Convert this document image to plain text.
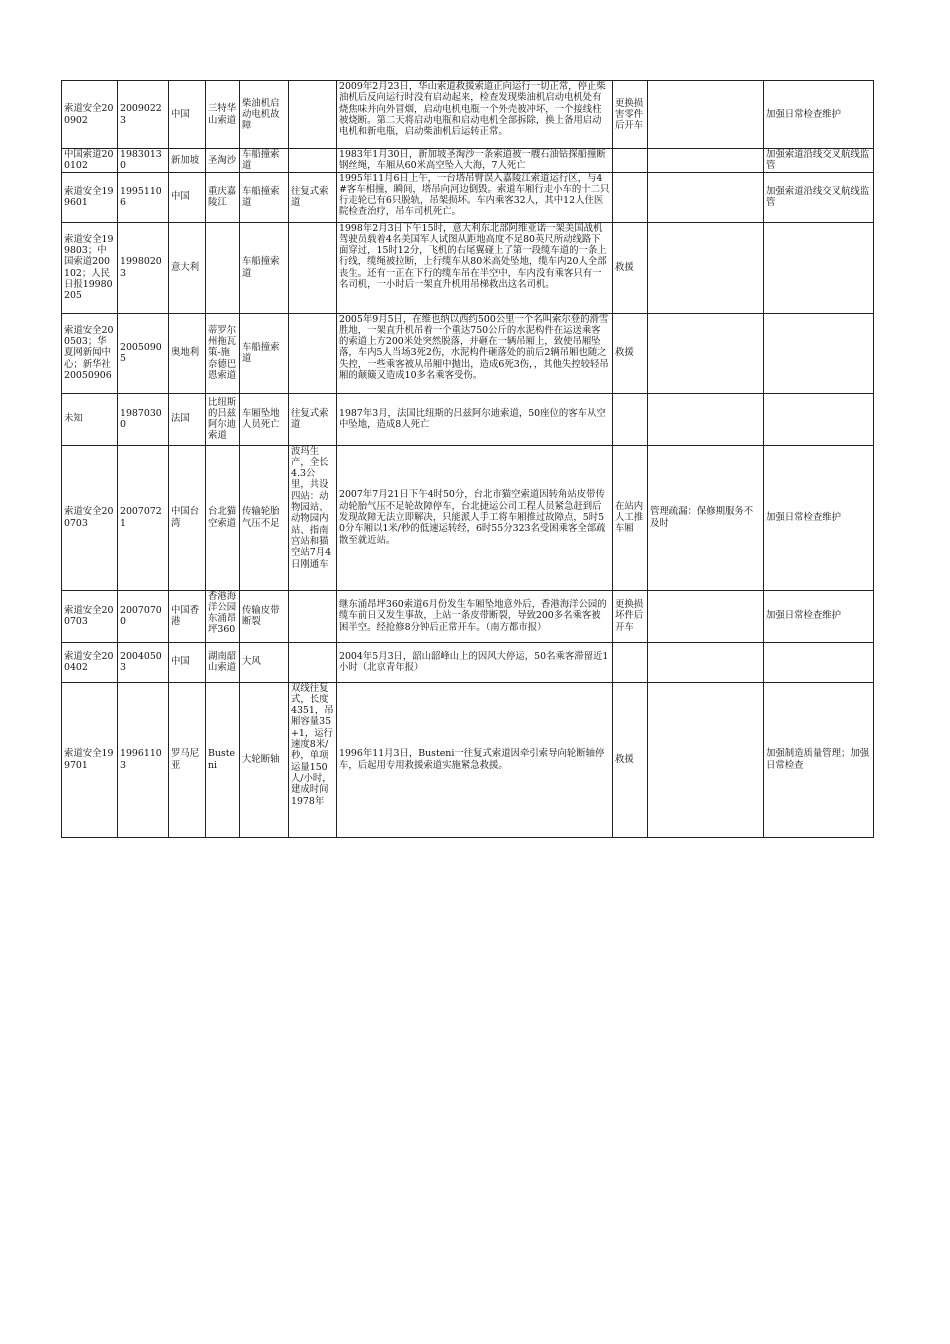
索道安全200902	20090223	中国	三特华山索道	柴油机启动电机故障		2009年2月23日，华山索道救援索道正向运行一切正常，停止柴油机后反向运行时没有启动起来，检查发现柴油机启动电机处有烧焦味并向外冒烟，启动电机电瓶一个外壳被冲坏，一个接线柱被烧断。第二天将启动电瓶和启动电机全部拆除，换上备用启动电机和新电瓶，启动柴油机后运转正常。	更换损害零件后开车		加强日常检查维护

中国索道200102	19830130	新加坡	圣淘沙	车船撞索道		1983年1月30日，新加坡圣淘沙一条索道被一艘石油钻探船撞断钢丝绳，车厢从60米高空坠入大海，7人死亡			加强索道沿线交叉航线监管

索道安全199601	19951106	中国	重庆嘉陵江	车船撞索道	往复式索道	1995年11月6日上午，一台塔吊臂误入嘉陵江索道运行区，与4#客车相撞，瞬间，塔吊向河边倒毁。索道车厢行走小车的十二只行走轮已有6只脱轨，吊架损坏。车内乘客32人，其中12人住医院检查治疗，吊车司机死亡。			加强索道沿线交叉航线监管
索道安全199803；中国索道200102；人民日报19980205	19980203	意大利		车船撞索道		1998年2月3日下午15时，意大利东北部阿维亚诺一架美国战机驾驶员载着4名美国军人试图从距地高度不足80英尺所动线路下面穿过，15时12分，飞机的右尾翼碰上了第一段缆车道的一条上行线，缆绳被拉断，上行缆车从80米高处坠地，缆车内20人全部丧生。还有一正在下行的缆车吊在半空中，车内没有乘客只有一名司机，一小时后一架直升机用吊梯救出这名司机。	救援		
索道安全200503；华夏网新闻中心；新华社20050906	20050905	奥地利	蒂罗尔州拖瓦策-施奈德巴恩索道	车船撞索道		2005年9月5日，在维也纳以西约500公里一个名叫索尔登的滑雪胜地，一架直升机吊着一个重达750公斤的水泥构件在运送乘客的索道上方200米处突然脱落，并砸在一辆吊厢上，致使吊厢坠落，车内5人当场3死2伤，水泥构件砸落处的前后2辆吊厢也随之失控，一些乘客被从吊厢中抛出，造成6死3伤，，其他失控较轻吊厢的颠簸又造成10多名乘客受伤。	救援		
未知	19870300	法国	比纽斯的吕兹阿尔迪索道	车厢坠地人员死亡	往复式索道	1987年3月，法国比纽斯的吕兹阿尔迪索道，50座位的客车从空中坠地，造成8人死亡			
索道安全200703	20070721	中国台湾	台北猫空索道	传输轮胎气压不足	波玛生产，全长4.3公里，共设四站：动物园站、动物园内站、指南宫站和猫空站7月4日刚通车	2007年7月21日下午4时50分，台北市猫空索道因转角站皮带传动轮胎气压不足轮故障停车，台北捷运公司工程人员紧急赶到后发现故障无法立即解决，只能派人手工将车厢推过故障点，5时50分车厢以1米/秒的低速运转经，6时55分323名受困乘客全部疏散至就近站。	在站内人工推车厢	管理疏漏：保修期服务不及时	加强日常检查维护
索道安全200703	20070700	中国香港	香港海洋公园东涌昂坪360	传输皮带断裂		继东涌昂坪360索道6月份发生车厢坠地意外后，香港海洋公园的缆车前日又发生事故，上站一条皮带断裂，导致200多名乘客被困半空。经抢修8分钟后正常开车。（南方都市报）	更换损坏件后开车		加强日常检查维护
索道安全200402	20040503	中国	湖南韶山索道	大风		2004年5月3日，韶山韶峰山上的因风大停运，50名乘客滞留近1小时（北京青年报）			
索道安全199701	19961103	罗马尼亚	Busteni	大轮断轴	双线往复式，长度4351，吊厢容量35+1，运行速度8米/秒，单项运量150人/小时，建成时间1978年	1996年11月3日，Busteni一往复式索道因牵引索导向轮断轴停车，后起用专用救援索道实施紧急救援。	救援		加强制造质量管理；加强日常检查
